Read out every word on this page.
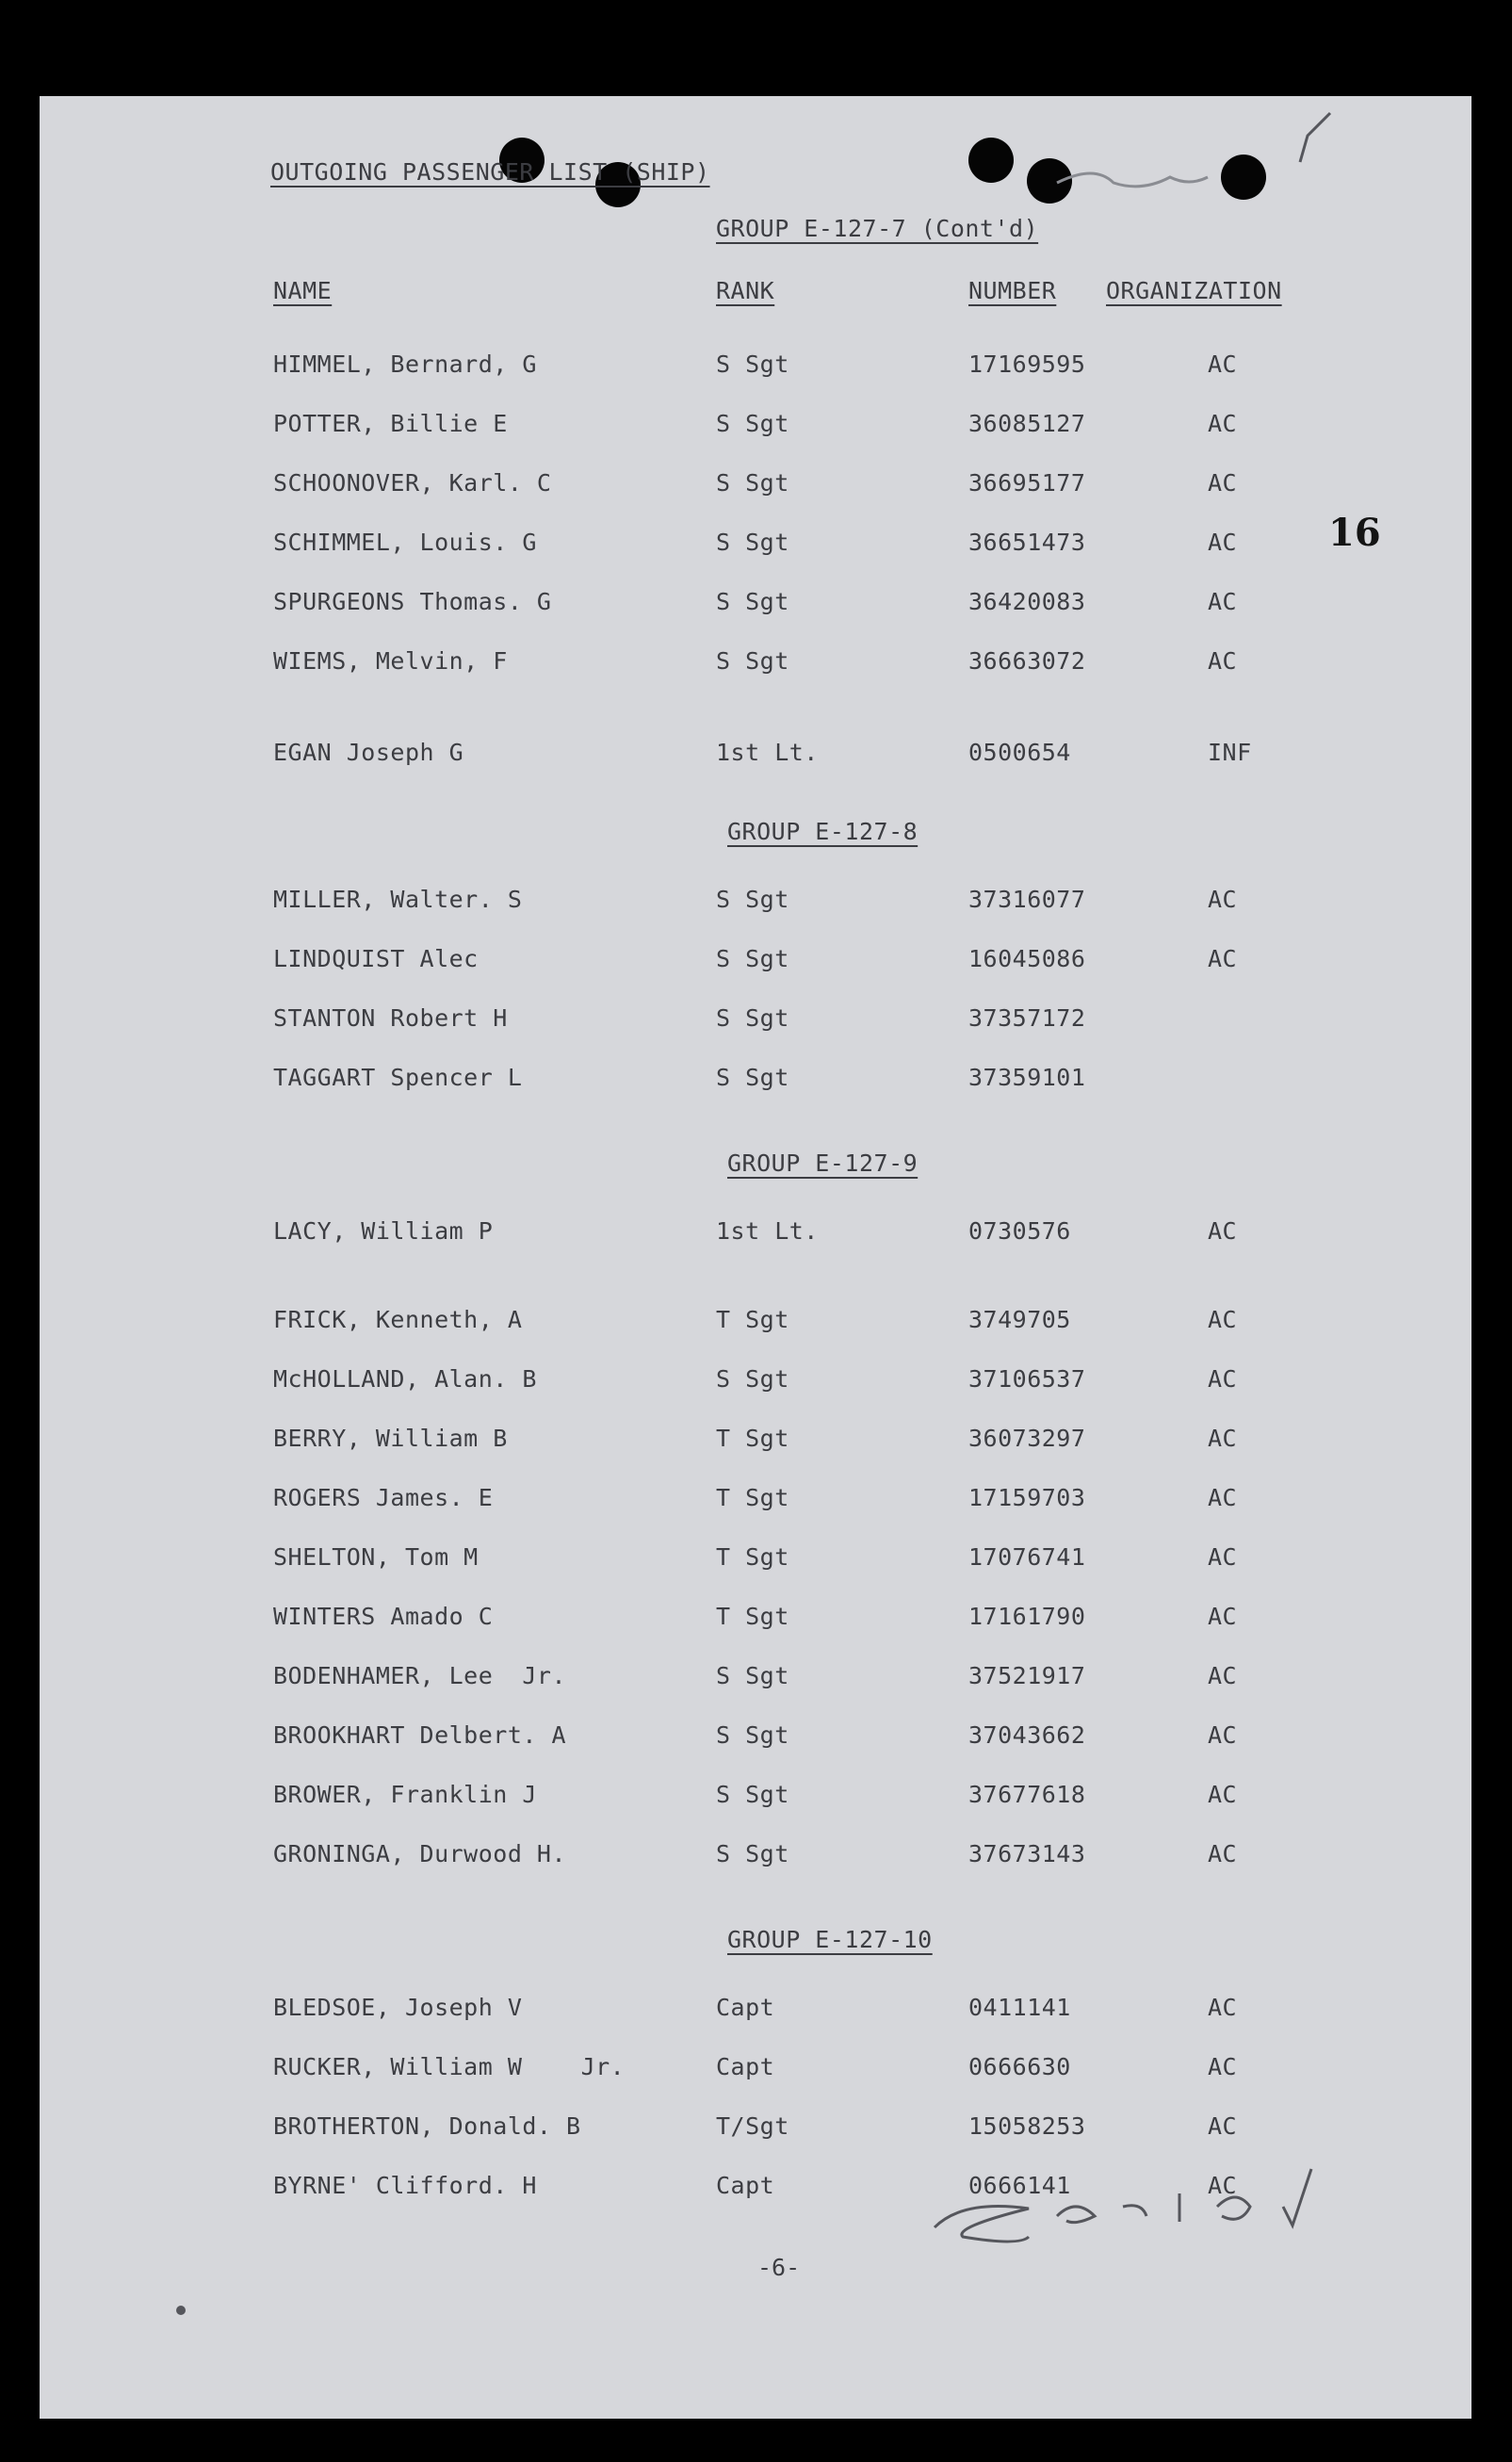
OUTGOING PASSENGER LIST (SHIP)
GROUP E-127-7 (Cont'd)
16
NAME	RANK	NUMBER ORGANIZATION
HIMMEL, Bernard, G	S Sgt	17169595	AC
POTTER, Billie E	S Sgt	36085127	AC
SCHOONOVER, Karl. C	S Sgt	36695177	AC
SCHIMMEL, Louis. G	S Sgt	36651473	AC
SPURGEONS Thomas. G	S Sgt	36420083	AC
WIEMS, Melvin, F	S Sgt	36663072	AC
EGAN Joseph G	1st Lt.	0500654	INF
GROUP E-127-8
MILLER, Walter. S	S Sgt	37316077	AC
LINDQUIST Alec	S Sgt	16045086	AC
STANTON Robert H	S Sgt	37357172
TAGGART Spencer L	S Sgt	37359101
GROUP E-127-9
LACY, William P	1st Lt.	0730576	AC
FRICK, Kenneth, A	T Sgt	3749705	AC
McHOLLAND, Alan. B	S Sgt	37106537	AC
BERRY, William B	T Sgt	36073297	AC
ROGERS James. E	T Sgt	17159703	AC
SHELTON, Tom M	T Sgt	17076741	AC
WINTERS Amado C	T Sgt	17161790	AC
BODENHAMER, Lee  Jr.	S Sgt	37521917	AC
BROOKHART Delbert. A	S Sgt	37043662	AC
BROWER, Franklin J	S Sgt	37677618	AC
GRONINGA, Durwood H.	S Sgt	37673143	AC
GROUP E-127-10
BLEDSOE, Joseph V	Capt	0411141	AC
RUCKER, William W    Jr.	Capt	0666630	AC
BROTHERTON, Donald. B	T/Sgt	15058253	AC
BYRNE' Clifford. H	Capt	0666141	AC
-6-
